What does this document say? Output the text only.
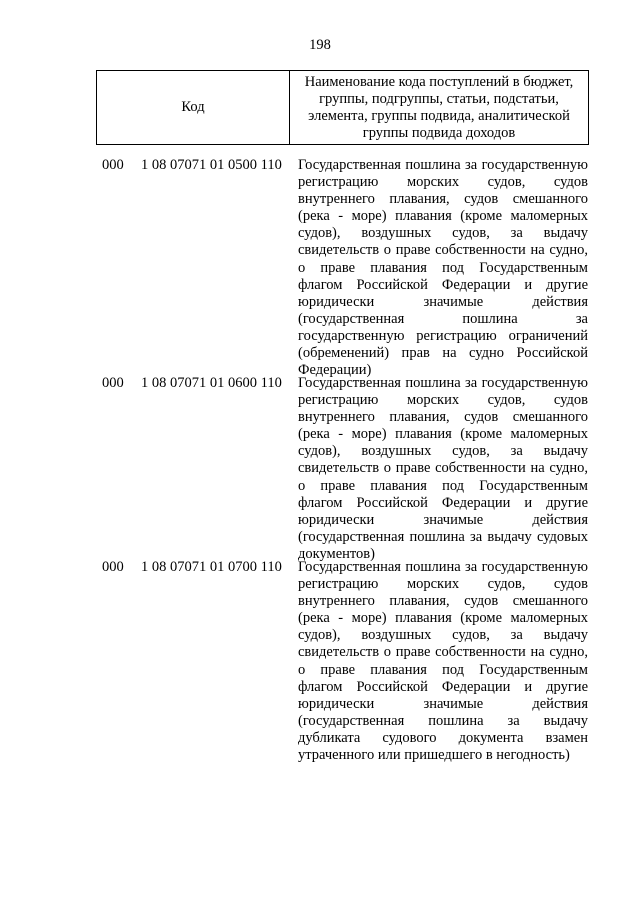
198
Код	Наименование кода поступлений в бюджет,
группы, подгруппы, статьи, подстатьи,
элемента, группы подвида, аналитической
группы подвида доходов
000 1 08 07071 01 0500 110 Государственная пошлина за государственную
регистрацию морских судов, судов
внутреннего плавания, судов смешанного
(река - море) плавания (кроме маломерных
судов), воздушных судов, за выдачу
свидетельств о праве собственности на судно,
о праве плавания под Государственным
флагом Российской Федерации и другие
юридически значимые действия
(государственная пошлина за
государственную регистрацию ограничений
(обременений) прав на судно Российской
Федерации)
000 1 08 07071 01 0600 110 Государственная пошлина за государственную
регистрацию морских судов, судов
внутреннего плавания, судов смешанного
(река - море) плавания (кроме маломерных
судов), воздушных судов, за выдачу
свидетельств о праве собственности на судно,
о праве плавания под Государственным
флагом Российской Федерации и другие
юридически значимые действия
(государственная пошлина за выдачу судовых
документов)
000 1 08 07071 01 0700 110 Государственная пошлина за государственную
регистрацию морских судов, судов
внутреннего плавания, судов смешанного
(река - море) плавания (кроме маломерных
судов), воздушных судов, за выдачу
свидетельств о праве собственности на судно,
о праве плавания под Государственным
флагом Российской Федерации и другие
юридически значимые действия
(государственная пошлина за выдачу
дубликата судового документа взамен
утраченного или пришедшего в негодность)
